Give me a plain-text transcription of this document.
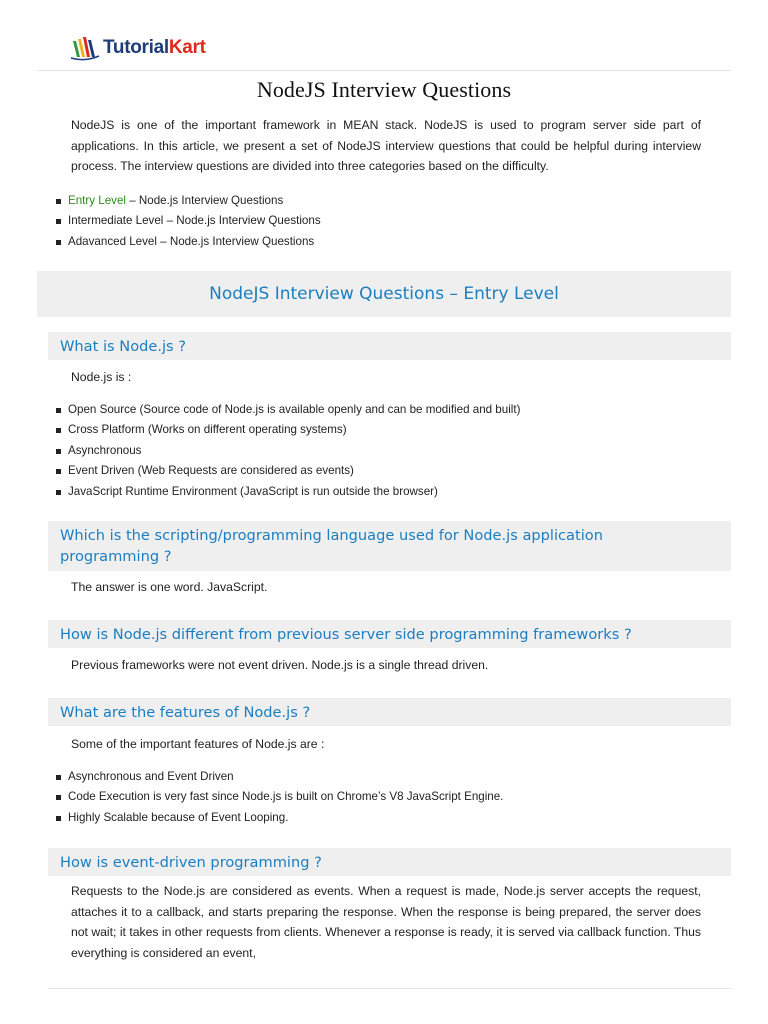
TutorialKart
NodeJS Interview Questions

NodeJS is one of the important framework in MEAN stack. NodeJS is used to program server side part of applications. In this article, we present a set of NodeJS interview questions that could be helpful during interview process. The interview questions are divided into three categories based on the difficulty.

Entry Level – Node.js Interview Questions
Intermediate Level – Node.js Interview Questions
Adavanced Level – Node.js Interview Questions
NodeJS Interview Questions – Entry Level
What is Node.js ?

Node.js is :

Open Source (Source code of Node.js is available openly and can be modified and built)
Cross Platform (Works on different operating systems)
Asynchronous
Event Driven (Web Requests are considered as events)
JavaScript Runtime Environment (JavaScript is run outside the browser)
Which is the scripting/programming language used for Node.js application
programming ?

The answer is one word. JavaScript.

How is Node.js different from previous server side programming frameworks ?

Previous frameworks were not event driven. Node.js is a single thread driven.

What are the features of Node.js ?

Some of the important features of Node.js are :

Asynchronous and Event Driven
Code Execution is very fast since Node.js is built on Chrome’s V8 JavaScript Engine.
Highly Scalable because of Event Looping.
How is event-driven programming ?

Requests to the Node.js are considered as events. When a request is made, Node.js server accepts the request, attaches it to a callback, and starts preparing the response. When the response is being prepared, the server does not wait; it takes in other requests from clients. Whenever a response is ready, it is served via callback function. Thus everything is considered an event,
